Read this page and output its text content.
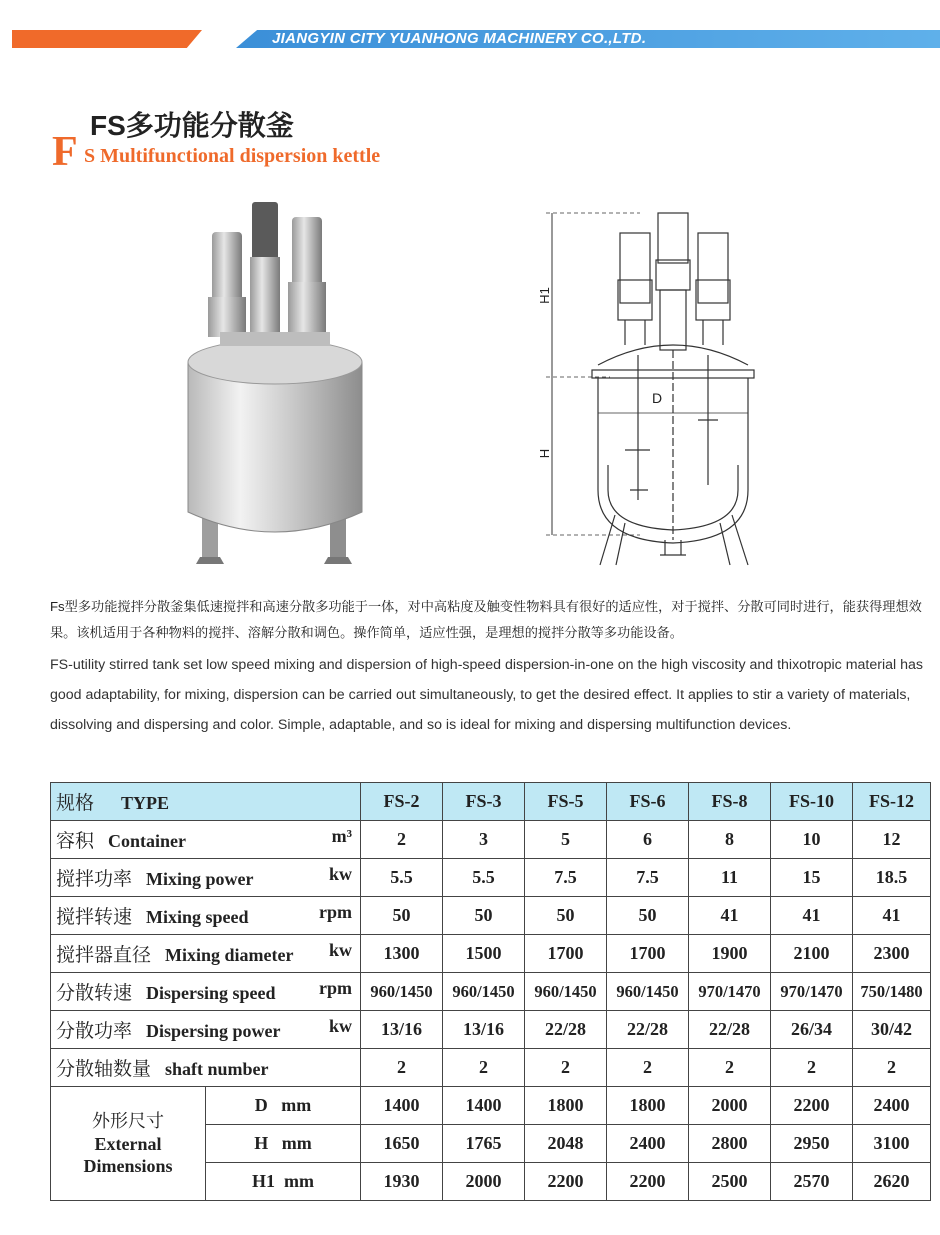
JIANGYIN CITY YUANHONG MACHINERY CO.,LTD.
FS多功能分散釜
F S Multifunctional dispersion kettle
H1
H
D
Fs型多功能搅拌分散釜集低速搅拌和高速分散多功能于一体，对中高粘度及触变性物料具有很好的适应性，对于搅拌、分散可同时进行，能获得理想效果。该机适用于各种物料的搅拌、溶解分散和调色。操作简单，适应性强，是理想的搅拌分散等多功能设备。
FS-utility stirred tank set low speed mixing and dispersion of high-speed dispersion-in-one on the high viscosity and thixotropic material has good adaptability, for mixing, dispersion can be carried out simultaneously, to get the desired effect. It applies to stir a variety of materials, dissolving and dispersing and color. Simple, adaptable, and so is ideal for mixing and dispersing multifunction devices.
规格 TYPE		FS-2	FS-3	FS-5	FS-6	FS-8	FS-10	FS-12
容积 Container m³		2	3	5	6	8	10	12
搅拌功率 Mixing power kw		5.5	5.5	7.5	7.5	11	15	18.5
搅拌转速 Mixing speed rpm		50	50	50	50	41	41	41
搅拌器直径 Mixing diameter kw		1300	1500	1700	1700	1900	2100	2300
分散转速 Dispersing speed rpm		960/1450	960/1450	960/1450	960/1450	970/1470	970/1470	750/1480
分散功率 Dispersing power kw		13/16	13/16	22/28	22/28	22/28	26/34	30/42
分散轴数量 shaft number		2	2	2	2	2	2	2

外形尺寸
External
Dimensions	D   mm	1400	1400	1800	1800	2000	2200	2400
	H   mm	1650	1765	2048	2400	2800	2950	3100
	H1  mm	1930	2000	2200	2200	2500	2570	2620
